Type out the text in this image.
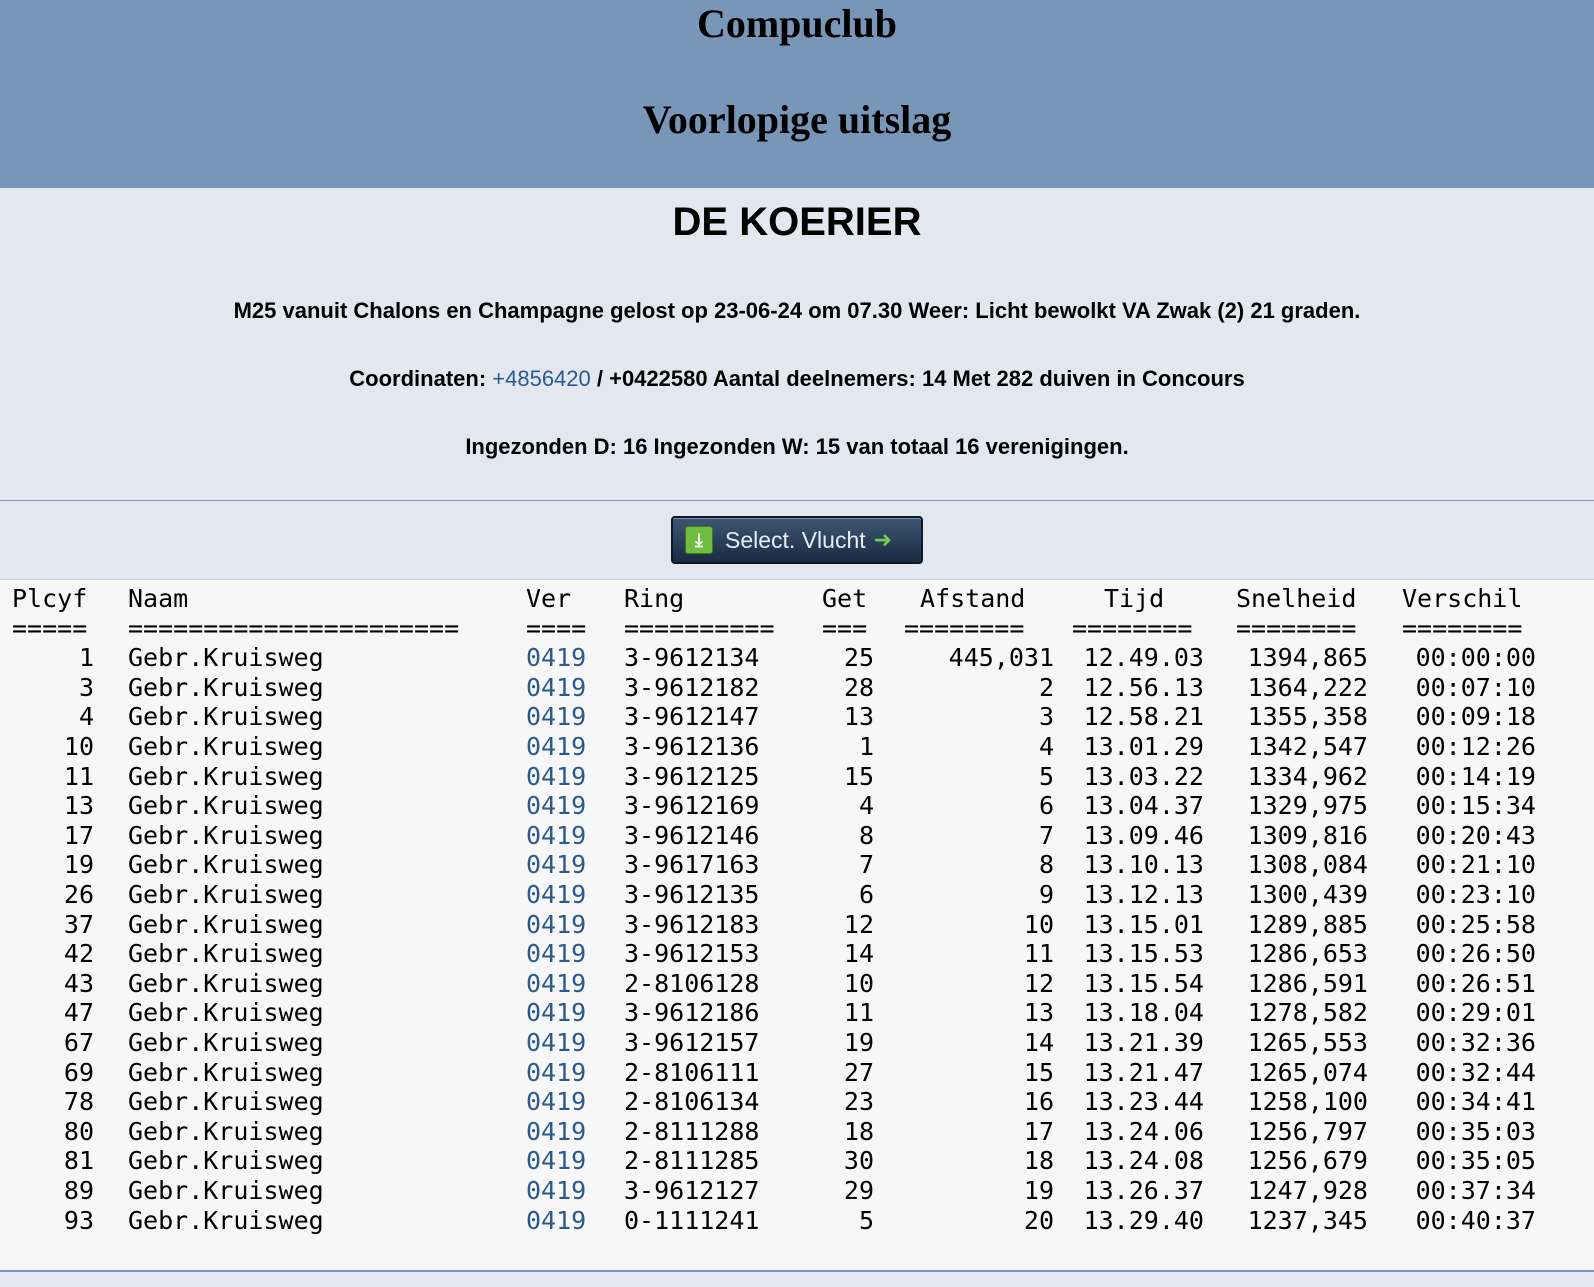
Compuclub
Voorlopige uitslag
DE KOERIER

M25 vanuit Chalons en Champagne gelost op 23-06-24 om 07.30 Weer: Licht bewolkt VA Zwak (2) 21 graden.

Coordinaten: +4856420 / +0422580 Aantal deelnemers: 14 Met 282 duiven in Concours

Ingezonden D: 16 Ingezonden W: 15 van totaal 16 verenigingen.

⤓ Select. Vlucht ➜
Plcyf Naam	Ver	Ring	Get Afstand	Tijd	Snelheid	Verschil
===== ======================	====	==========	=== ========	========	========	========
1 Gebr.Kruisweg	0419	3-9612134	25	445,031	12.49.03	1394,865	00:00:00
3 Gebr.Kruisweg	0419	3-9612182	28	2	12.56.13	1364,222	00:07:10
4 Gebr.Kruisweg	0419	3-9612147	13	3	12.58.21	1355,358	00:09:18
10 Gebr.Kruisweg	0419	3-9612136	1	4	13.01.29	1342,547	00:12:26
11 Gebr.Kruisweg	0419	3-9612125	15	5	13.03.22	1334,962	00:14:19
13 Gebr.Kruisweg	0419	3-9612169	4	6	13.04.37	1329,975	00:15:34
17 Gebr.Kruisweg	0419	3-9612146	8	7	13.09.46	1309,816	00:20:43
19 Gebr.Kruisweg	0419	3-9617163	7	8	13.10.13	1308,084	00:21:10
26 Gebr.Kruisweg	0419	3-9612135	6	9	13.12.13	1300,439	00:23:10
37 Gebr.Kruisweg	0419	3-9612183	12	10	13.15.01	1289,885	00:25:58
42 Gebr.Kruisweg	0419	3-9612153	14	11	13.15.53	1286,653	00:26:50
43 Gebr.Kruisweg	0419	2-8106128	10	12	13.15.54	1286,591	00:26:51
47 Gebr.Kruisweg	0419	3-9612186	11	13	13.18.04	1278,582	00:29:01
67 Gebr.Kruisweg	0419	3-9612157	19	14	13.21.39	1265,553	00:32:36
69 Gebr.Kruisweg	0419	2-8106111	27	15	13.21.47	1265,074	00:32:44
78 Gebr.Kruisweg	0419	2-8106134	23	16	13.23.44	1258,100	00:34:41
80 Gebr.Kruisweg	0419	2-8111288	18	17	13.24.06	1256,797	00:35:03
81 Gebr.Kruisweg	0419	2-8111285	30	18	13.24.08	1256,679	00:35:05
89 Gebr.Kruisweg	0419	3-9612127	29	19	13.26.37	1247,928	00:37:34
93 Gebr.Kruisweg	0419	0-1111241	5	20	13.29.40	1237,345	00:40:37
